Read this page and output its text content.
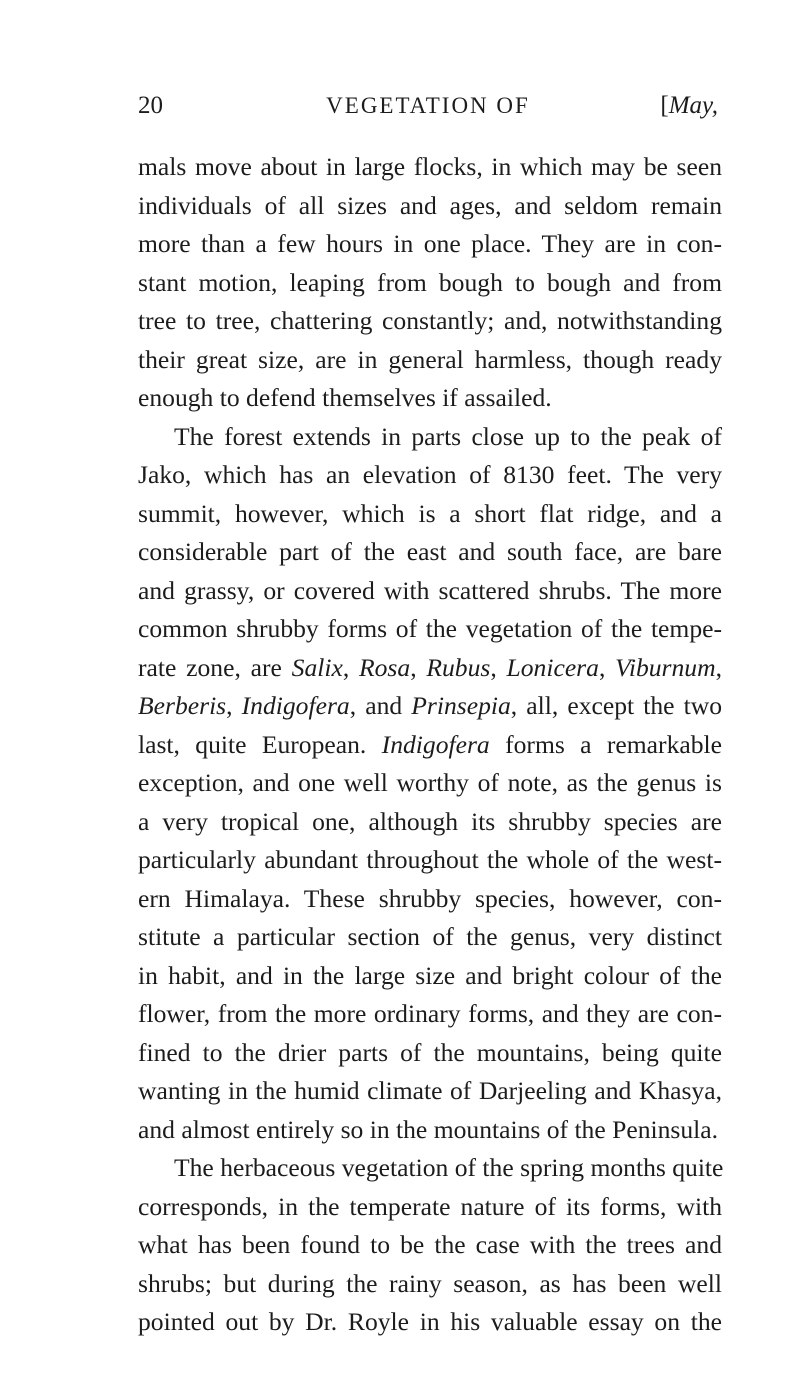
20	VEGETATION OF	[May,
mals move about in large flocks, in which may be seen
individuals of all sizes and ages, and seldom remain
more than a few hours in one place. They are in con-
stant motion, leaping from bough to bough and from
tree to tree, chattering constantly; and, notwithstanding
their great size, are in general harmless, though ready
enough to defend themselves if assailed.
The forest extends in parts close up to the peak of
Jako, which has an elevation of 8130 feet. The very
summit, however, which is a short flat ridge, and a
considerable part of the east and south face, are bare
and grassy, or covered with scattered shrubs. The more
common shrubby forms of the vegetation of the tempe-
rate zone, are Salix, Rosa, Rubus, Lonicera, Viburnum,
Berberis, Indigofera, and Prinsepia, all, except the two
last, quite European. Indigofera forms a remarkable
exception, and one well worthy of note, as the genus is
a very tropical one, although its shrubby species are
particularly abundant throughout the whole of the west-
ern Himalaya. These shrubby species, however, con-
stitute a particular section of the genus, very distinct
in habit, and in the large size and bright colour of the
flower, from the more ordinary forms, and they are con-
fined to the drier parts of the mountains, being quite
wanting in the humid climate of Darjeeling and Khasya,
and almost entirely so in the mountains of the Peninsula.
The herbaceous vegetation of the spring months quite
corresponds, in the temperate nature of its forms, with
what has been found to be the case with the trees and
shrubs; but during the rainy season, as has been well
pointed out by Dr. Royle in his valuable essay on the
